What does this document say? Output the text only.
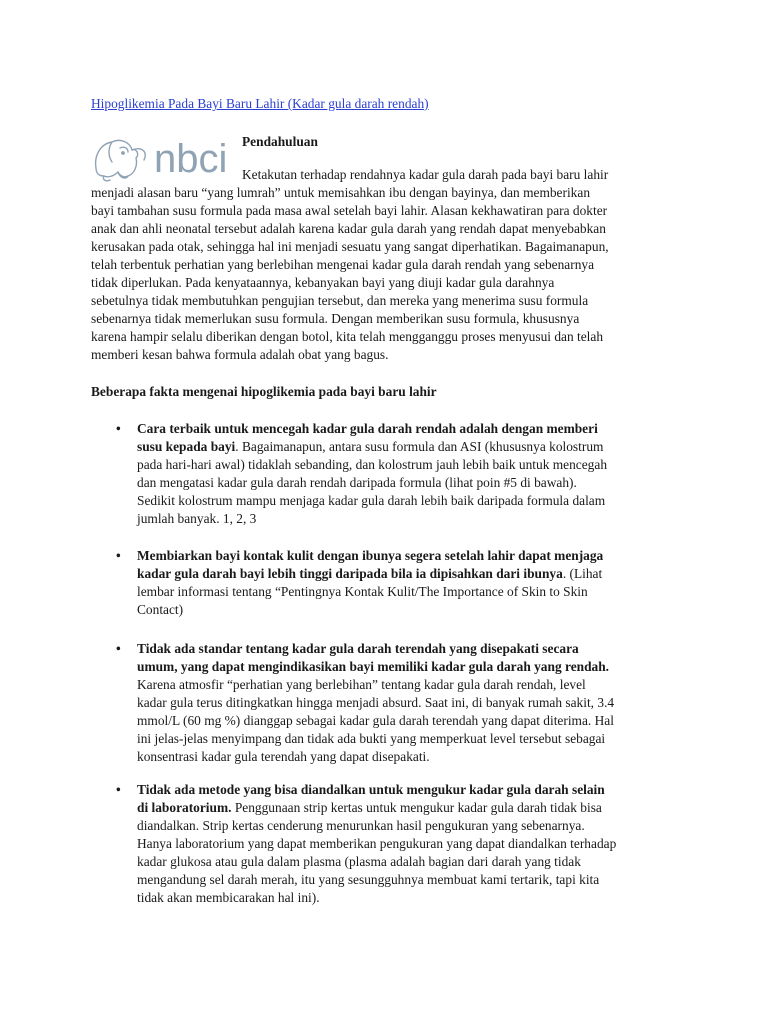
Hipoglikemia Pada Bayi Baru Lahir (Kadar gula darah rendah)
nbci Pendahuluan
Ketakutan terhadap rendahnya kadar gula darah pada bayi baru lahir
menjadi alasan baru “yang lumrah” untuk memisahkan ibu dengan bayinya, dan memberikan
bayi tambahan susu formula pada masa awal setelah bayi lahir. Alasan kekhawatiran para dokter
anak dan ahli neonatal tersebut adalah karena kadar gula darah yang rendah dapat menyebabkan
kerusakan pada otak, sehingga hal ini menjadi sesuatu yang sangat diperhatikan. Bagaimanapun,
telah terbentuk perhatian yang berlebihan mengenai kadar gula darah rendah yang sebenarnya
tidak diperlukan. Pada kenyataannya, kebanyakan bayi yang diuji kadar gula darahnya
sebetulnya tidak membutuhkan pengujian tersebut, dan mereka yang menerima susu formula
sebenarnya tidak memerlukan susu formula. Dengan memberikan susu formula, khususnya
karena hampir selalu diberikan dengan botol, kita telah mengganggu proses menyusui dan telah
memberi kesan bahwa formula adalah obat yang bagus.
Beberapa fakta mengenai hipoglikemia pada bayi baru lahir
• Cara terbaik untuk mencegah kadar gula darah rendah adalah dengan memberi
susu kepada bayi. Bagaimanapun, antara susu formula dan ASI (khususnya kolostrum
pada hari-hari awal) tidaklah sebanding, dan kolostrum jauh lebih baik untuk mencegah
dan mengatasi kadar gula darah rendah daripada formula (lihat poin #5 di bawah).
Sedikit kolostrum mampu menjaga kadar gula darah lebih baik daripada formula dalam
jumlah banyak. 1, 2, 3
• Membiarkan bayi kontak kulit dengan ibunya segera setelah lahir dapat menjaga
kadar gula darah bayi lebih tinggi daripada bila ia dipisahkan dari ibunya. (Lihat
lembar informasi tentang “Pentingnya Kontak Kulit/The Importance of Skin to Skin
Contact)
• Tidak ada standar tentang kadar gula darah terendah yang disepakati secara
umum, yang dapat mengindikasikan bayi memiliki kadar gula darah yang rendah.
Karena atmosfir “perhatian yang berlebihan” tentang kadar gula darah rendah, level
kadar gula terus ditingkatkan hingga menjadi absurd. Saat ini, di banyak rumah sakit, 3.4
mmol/L (60 mg %) dianggap sebagai kadar gula darah terendah yang dapat diterima. Hal
ini jelas-jelas menyimpang dan tidak ada bukti yang memperkuat level tersebut sebagai
konsentrasi kadar gula terendah yang dapat disepakati.
• Tidak ada metode yang bisa diandalkan untuk mengukur kadar gula darah selain
di laboratorium. Penggunaan strip kertas untuk mengukur kadar gula darah tidak bisa
diandalkan. Strip kertas cenderung menurunkan hasil pengukuran yang sebenarnya.
Hanya laboratorium yang dapat memberikan pengukuran yang dapat diandalkan terhadap
kadar glukosa atau gula dalam plasma (plasma adalah bagian dari darah yang tidak
mengandung sel darah merah, itu yang sesungguhnya membuat kami tertarik, tapi kita
tidak akan membicarakan hal ini).
